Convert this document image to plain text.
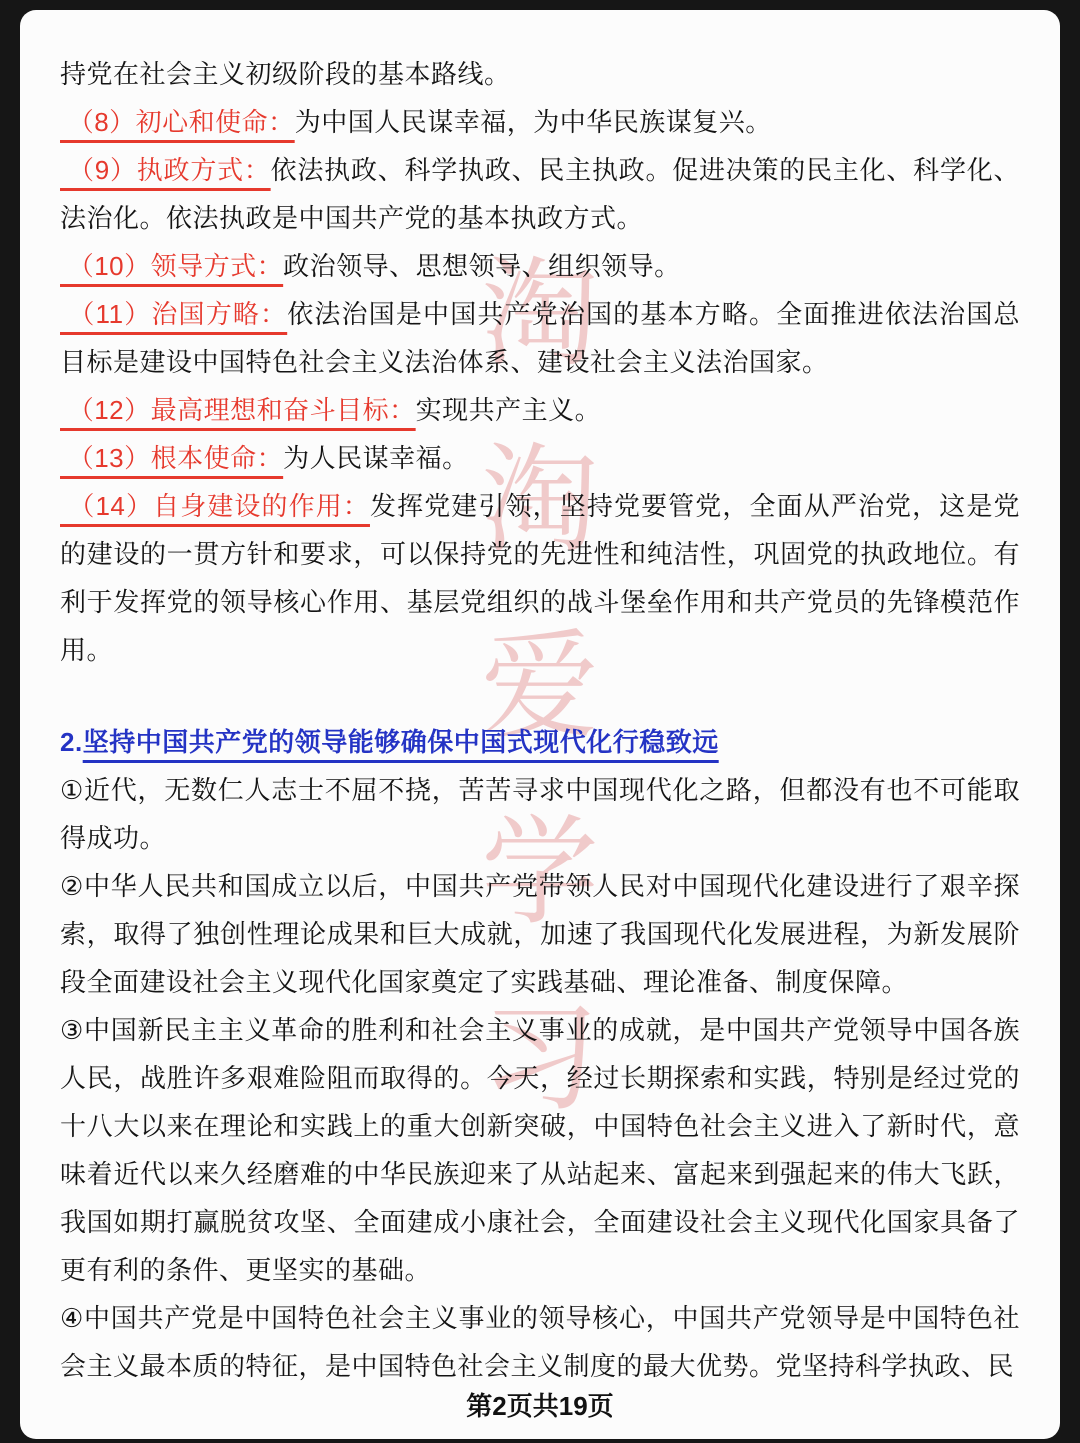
淘
淘
爱
学
习
持党在社会主义初级阶段的基本路线。
（8）初心和使命：为中国人民谋幸福，为中华民族谋复兴。
（9）执政方式：依法执政、科学执政、民主执政。促进决策的民主化、科学化、法治化。依法执政是中国共产党的基本执政方式。
（10）领导方式：政治领导、思想领导、组织领导。
（11）治国方略：依法治国是中国共产党治国的基本方略。全面推进依法治国总目标是建设中国特色社会主义法治体系、建设社会主义法治国家。
（12）最高理想和奋斗目标：实现共产主义。
（13）根本使命：为人民谋幸福。
（14）自身建设的作用：发挥党建引领，坚持党要管党，全面从严治党，这是党的建设的一贯方针和要求，可以保持党的先进性和纯洁性，巩固党的执政地位。有利于发挥党的领导核心作用、基层党组织的战斗堡垒作用和共产党员的先锋模范作用。
2.坚持中国共产党的领导能够确保中国式现代化行稳致远
①近代，无数仁人志士不屈不挠，苦苦寻求中国现代化之路，但都没有也不可能取得成功。
②中华人民共和国成立以后，中国共产党带领人民对中国现代化建设进行了艰辛探索，取得了独创性理论成果和巨大成就，加速了我国现代化发展进程，为新发展阶段全面建设社会主义现代化国家奠定了实践基础、理论准备、制度保障。
③中国新民主主义革命的胜利和社会主义事业的成就，是中国共产党领导中国各族人民，战胜许多艰难险阻而取得的。今天，经过长期探索和实践，特别是经过党的十八大以来在理论和实践上的重大创新突破，中国特色社会主义进入了新时代，意味着近代以来久经磨难的中华民族迎来了从站起来、富起来到强起来的伟大飞跃，我国如期打赢脱贫攻坚、全面建成小康社会，全面建设社会主义现代化国家具备了更有利的条件、更坚实的基础。
④中国共产党是中国特色社会主义事业的领导核心，中国共产党领导是中国特色社会主义最本质的特征，是中国特色社会主义制度的最大优势。党坚持科学执政、民
第2页共19页
